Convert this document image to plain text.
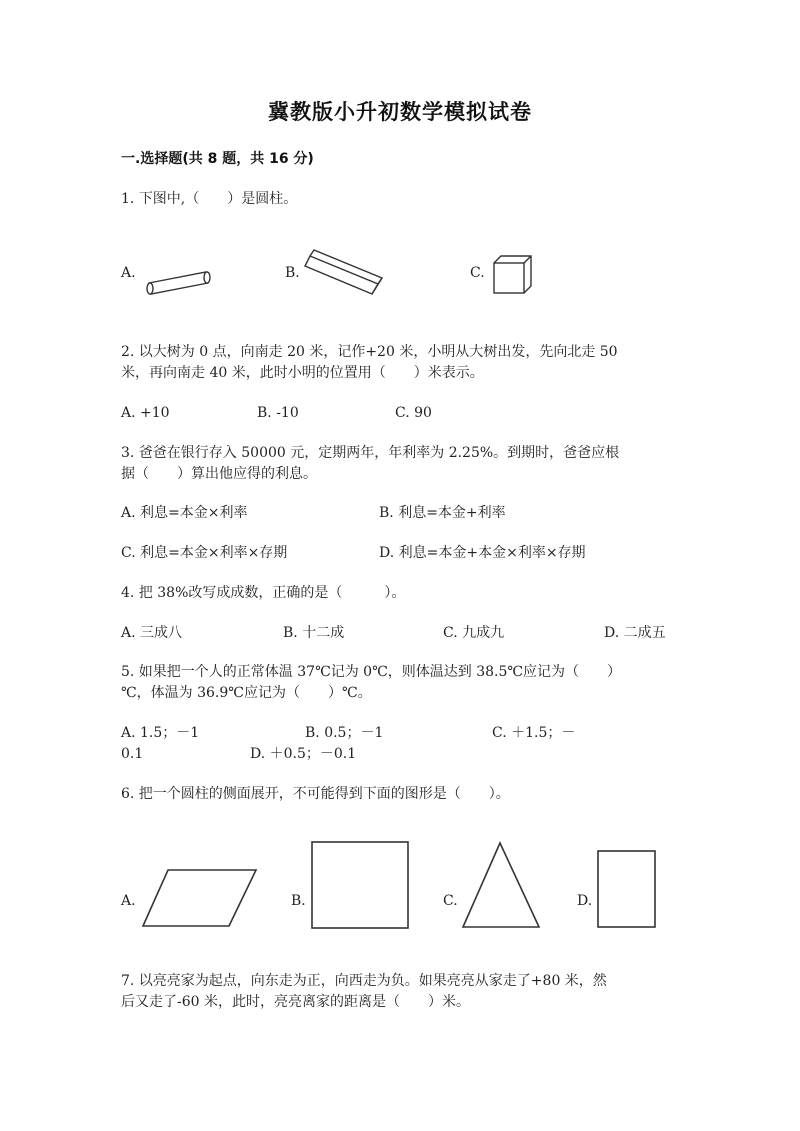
冀教版小升初数学模拟试卷
一.选择题(共 8 题，共 16 分)
1. 下图中,（　　）是圆柱。
A.	B.	C.
2. 以大树为 0 点，向南走 20 米，记作+20 米，小明从大树出发，先向北走 50
米，再向南走 40 米，此时小明的位置用（　　）米表示。
A. +10	B. -10	C. 90
3. 爸爸在银行存入 50000 元，定期两年，年利率为 2.25%。到期时，爸爸应根
据（　　）算出他应得的利息。
A. 利息=本金×利率	B. 利息=本金+利率
C. 利息=本金×利率×存期	D. 利息=本金+本金×利率×存期
4. 把 38%改写成成数，正确的是（　　　）。
A. 三成八	B. 十二成	C. 九成九	D. 二成五
5. 如果把一个人的正常体温 37℃记为 0℃，则体温达到 38.5℃应记为（　　）
℃，体温为 36.9℃应记为（　　）℃。
A. 1.5；－1	B. 0.5；－1	C. ＋1.5；－
0.1	D. ＋0.5；－0.1
6. 把一个圆柱的侧面展开，不可能得到下面的图形是（　　）。
A.	B.	C.	D.
7. 以亮亮家为起点，向东走为正，向西走为负。如果亮亮从家走了+80 米，然
后又走了-60 米，此时，亮亮离家的距离是（　　）米。
